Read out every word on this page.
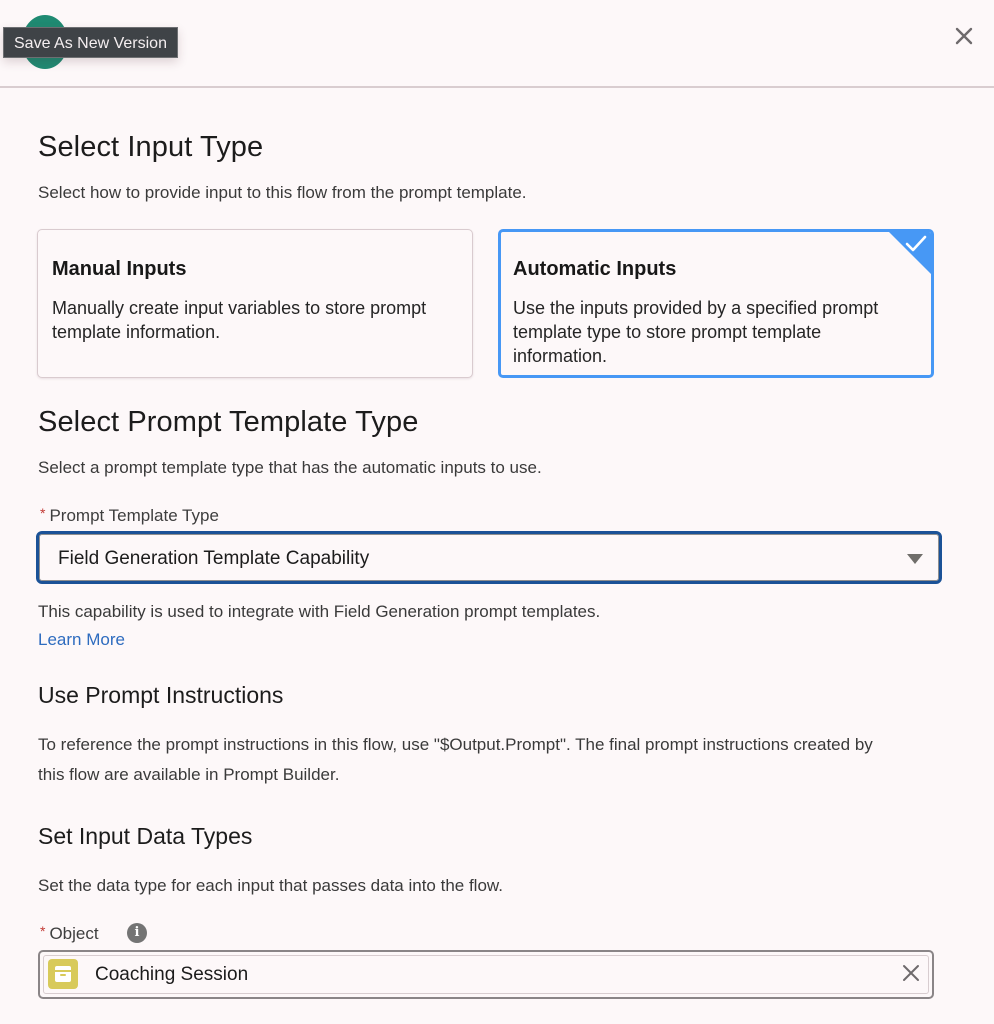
Save As New Version
Select Input Type
Select how to provide input to this flow from the prompt template.
Manual Inputs
Manually create input variables to store prompt template information.
Automatic Inputs
Use the inputs provided by a specified prompt template type to store prompt template information.
Select Prompt Template Type
Select a prompt template type that has the automatic inputs to use.
* Prompt Template Type
Field Generation Template Capability
This capability is used to integrate with Field Generation prompt templates.
Learn More
Use Prompt Instructions
To reference the prompt instructions in this flow, use "$Output.Prompt". The final prompt instructions created by this flow are available in Prompt Builder.
Set Input Data Types
Set the data type for each input that passes data into the flow.
* Object	i
Coaching Session
